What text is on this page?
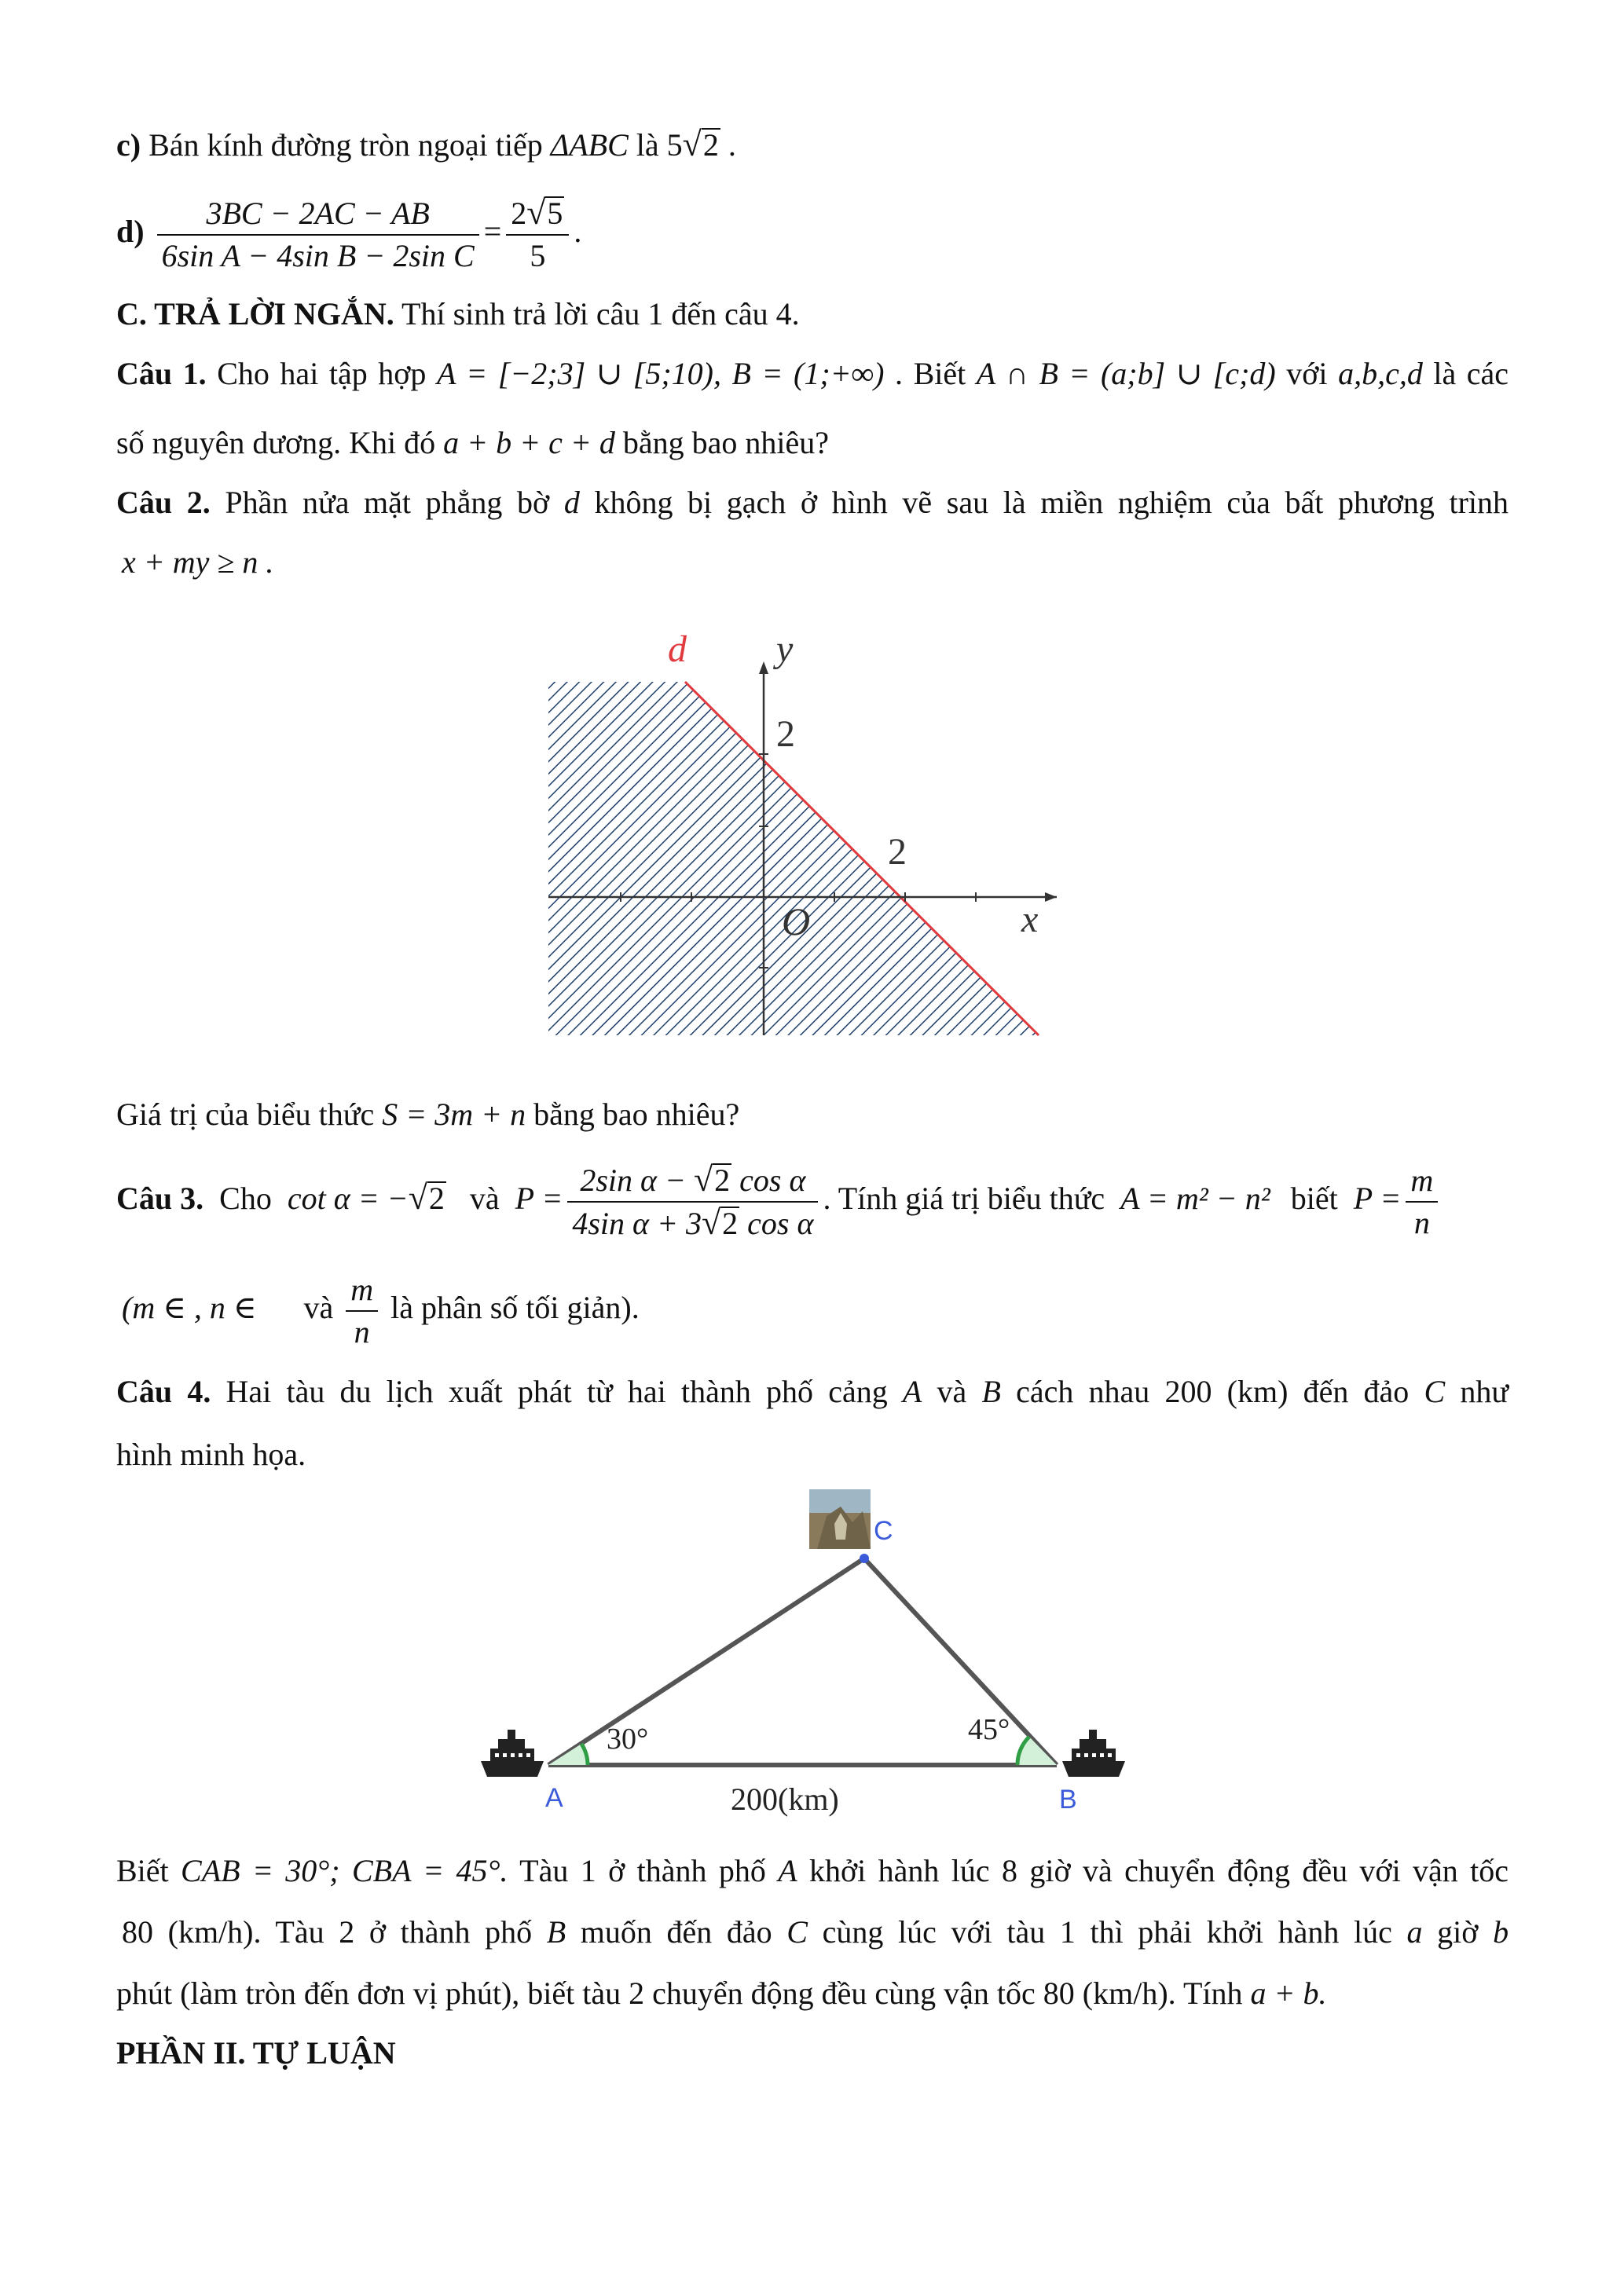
c) Bán kính đường tròn ngoại tiếp ΔABC là 5√2 .
$d) \frac{3BC - 2AC - AB}{\text{6sin A − 4sin B − 2sin C}} = \frac{2√5}{5}$ .
C. TRẢ LỜI NGẮN. Thí sinh trả lời câu 1 đến câu 4.
Câu 1. Cho hai tập hợp A = [−2;3] ∪ [5;10), B = (1;+∞) . Biết A ∩ B = (a;b] ∪ [c;d) với a,b,c,d là các
số nguyên dương. Khi đó a + b + c + d bằng bao nhiêu?
Câu 2. Phần nửa mặt phẳng bờ d không bị gạch ở hình vẽ sau là miền nghiệm của bất phương trình
x + my ≥ n .
d y
2
2
O	x
Giá trị của biểu thức S = 3m + n bằng bao nhiêu?
Câu 3. Cho cot α = −√2 và $P = \frac{\text{2sin α − √2 cos α}}{\text{4sin α + 3√2 cos α}}$ . Tính giá trị biểu thức A = m² − n² biết $P = \frac{m}{n}$
(m ∈ , n ∈ và $\frac{m}{n}$ là phân số tối giản).
Câu 4. Hai tàu du lịch xuất phát từ hai thành phố cảng A và B cách nhau 200 (km) đến đảo C như
hình minh họa.
C
A	B
30°	45°
200(km)
Biết CAB = 30°; CBA = 45°. Tàu 1 ở thành phố A khởi hành lúc 8 giờ và chuyển động đều với vận tốc
80 (km/h). Tàu 2 ở thành phố B muốn đến đảo C cùng lúc với tàu 1 thì phải khởi hành lúc a giờ b
phút (làm tròn đến đơn vị phút), biết tàu 2 chuyển động đều cùng vận tốc 80 (km/h). Tính a + b.
PHẦN II. TỰ LUẬN
